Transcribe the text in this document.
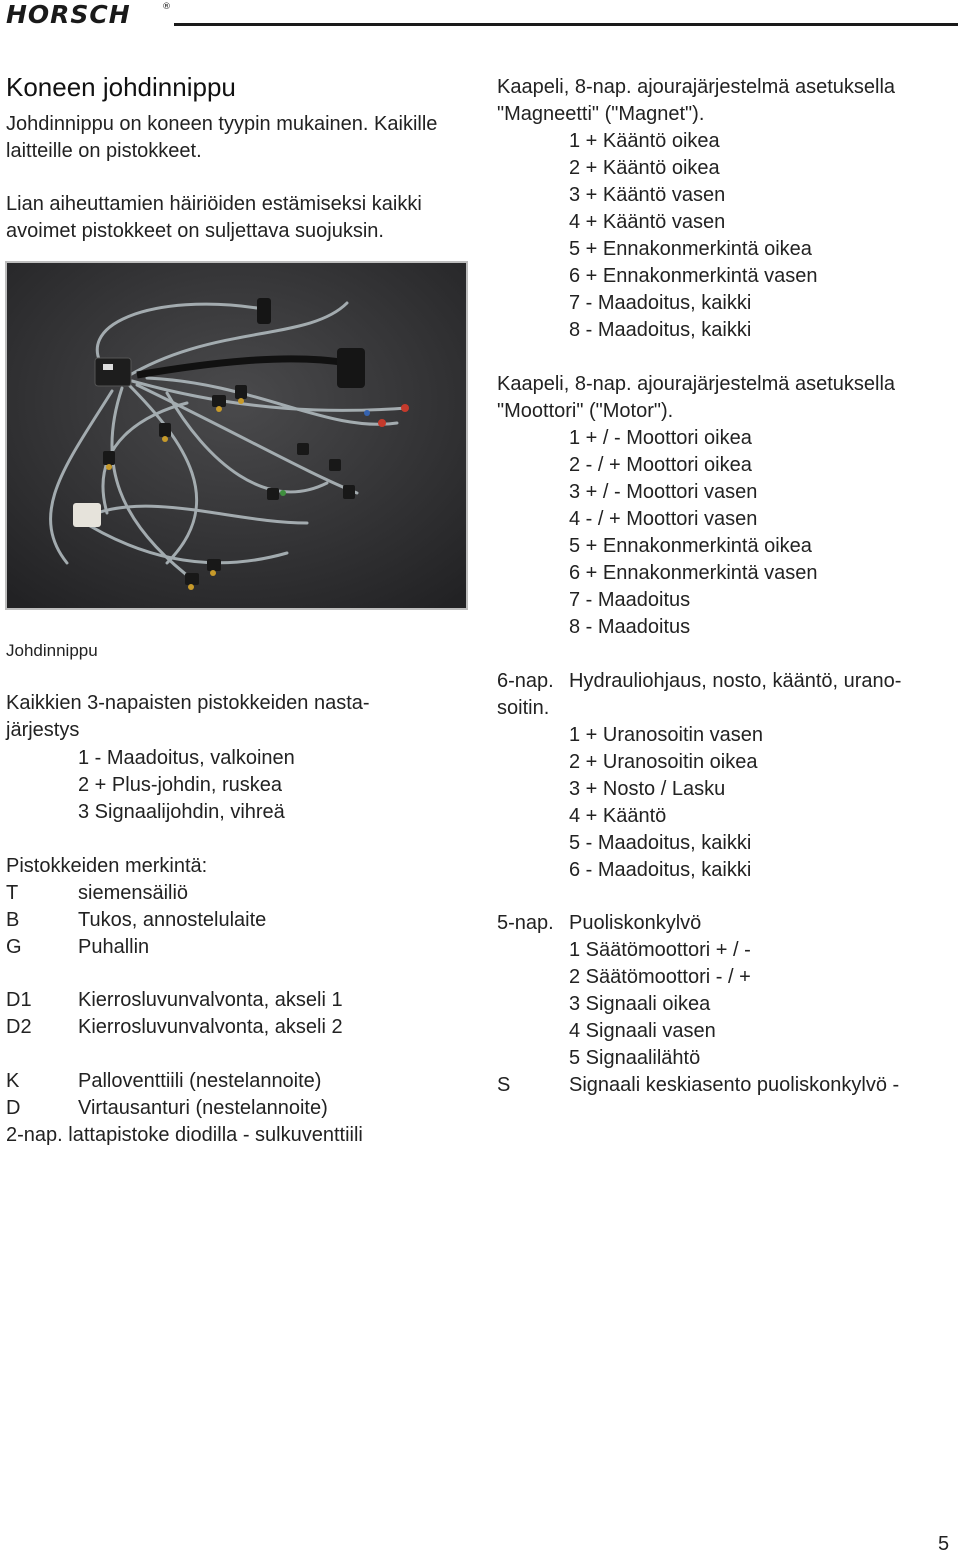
HORSCH	®
Koneen johdinnippu
Johdinnippu on koneen tyypin mukainen. Kaikille
laitteille on pistokkeet.
Lian aiheuttamien häiriöiden estämiseksi kaikki
avoimet pistokkeet on suljettava suojuksin.
Johdinnippu
Kaikkien 3-napaisten pistokkeiden nasta-
järjestys
1 - Maadoitus, valkoinen
2 + Plus-johdin, ruskea
3 Signaalijohdin, vihreä
Pistokkeiden merkintä:
T	siemensäiliö
B	Tukos, annostelulaite
G	Puhallin
D1 Kierrosluvunvalvonta, akseli 1
D2 Kierrosluvunvalvonta, akseli 2
K	Palloventtiili (nestelannoite)
D	Virtausanturi (nestelannoite)
2-nap. lattapistoke diodilla - sulkuventtiili
Kaapeli, 8-nap. ajourajärjestelmä asetuksella
"Magneetti" ("Magnet").
1 + Kääntö oikea
2 + Kääntö oikea
3 + Kääntö vasen
4 + Kääntö vasen
5 + Ennakonmerkintä oikea
6 + Ennakonmerkintä vasen
7 - Maadoitus, kaikki
8 - Maadoitus, kaikki
Kaapeli, 8-nap. ajourajärjestelmä asetuksella
"Moottori" ("Motor").
1 + / - Moottori oikea
2 - / + Moottori oikea
3 + / - Moottori vasen
4 - / + Moottori vasen
5 + Ennakonmerkintä oikea
6 + Ennakonmerkintä vasen
7 - Maadoitus
8 - Maadoitus
6-nap. Hydrauliohjaus, nosto, kääntö, urano-
soitin.
1 + Uranosoitin vasen
2 + Uranosoitin oikea
3 + Nosto / Lasku
4 + Kääntö
5 - Maadoitus, kaikki
6 - Maadoitus, kaikki
5-nap. Puoliskonkylvö
1 Säätömoottori + / -
2 Säätömoottori - / +
3 Signaali oikea
4 Signaali vasen
5 Signaalilähtö
S	Signaali keskiasento puoliskonkylvö -
5
